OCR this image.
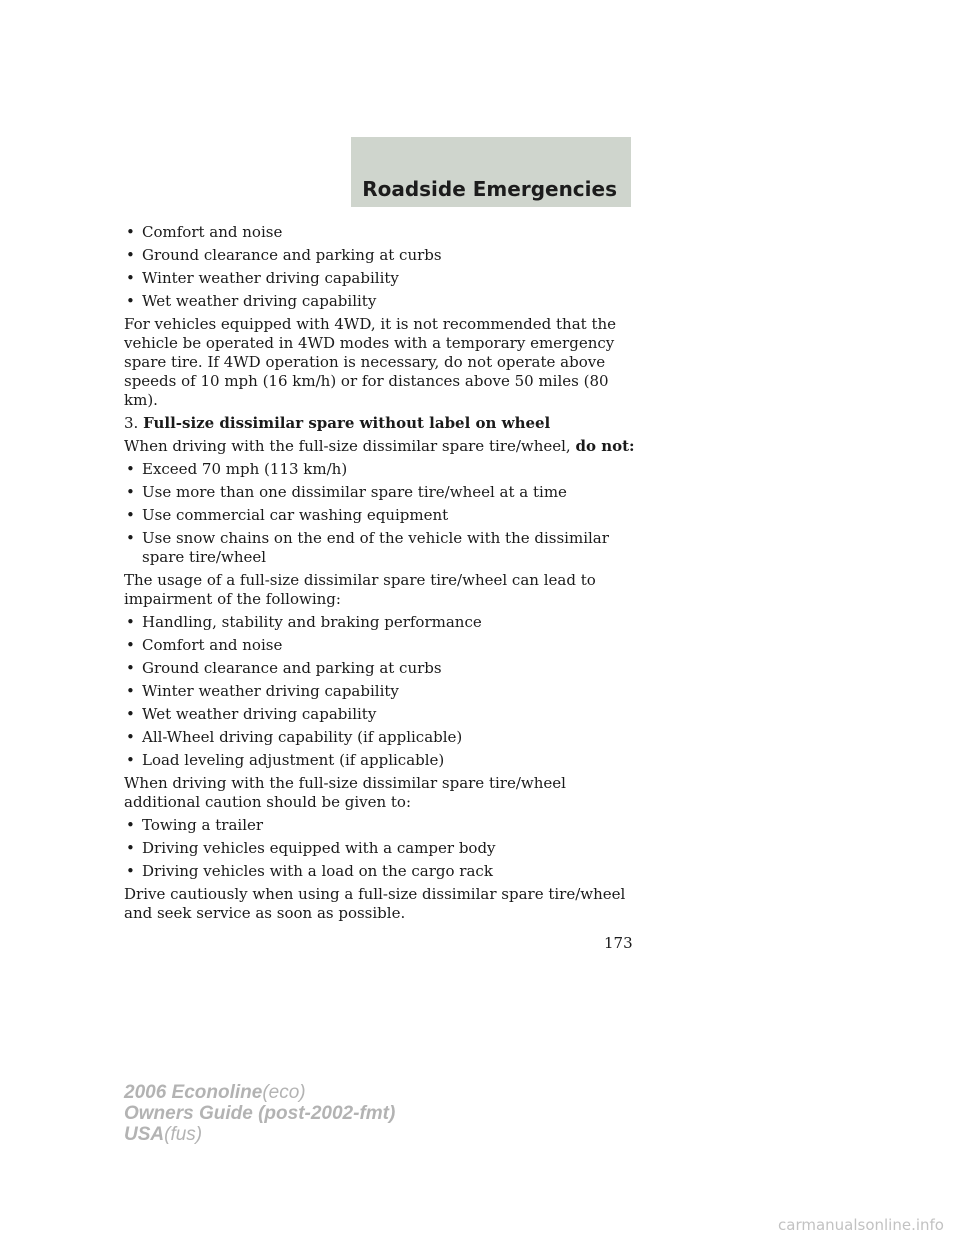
Roadside Emergencies
• Comfort and noise
• Ground clearance and parking at curbs
• Winter weather driving capability
• Wet weather driving capability

For vehicles equipped with 4WD, it is not recommended that the vehicle be operated in 4WD modes with a temporary emergency spare tire. If 4WD operation is necessary, do not operate above speeds of 10 mph (16 km/h) or for distances above 50 miles (80 km).

3. Full-size dissimilar spare without label on wheel

When driving with the full-size dissimilar spare tire/wheel, do not:

• Exceed 70 mph (113 km/h)
• Use more than one dissimilar spare tire/wheel at a time
• Use commercial car washing equipment
• Use snow chains on the end of the vehicle with the dissimilar spare tire/wheel

The usage of a full-size dissimilar spare tire/wheel can lead to impairment of the following:

• Handling, stability and braking performance
• Comfort and noise
• Ground clearance and parking at curbs
• Winter weather driving capability
• Wet weather driving capability
• All-Wheel driving capability (if applicable)
• Load leveling adjustment (if applicable)

When driving with the full-size dissimilar spare tire/wheel additional caution should be given to:

• Towing a trailer
• Driving vehicles equipped with a camper body
• Driving vehicles with a load on the cargo rack

Drive cautiously when using a full-size dissimilar spare tire/wheel and seek service as soon as possible.

173
2006 Econoline(eco)
Owners Guide (post-2002-fmt)
USA(fus)
carmanualsonline.info
